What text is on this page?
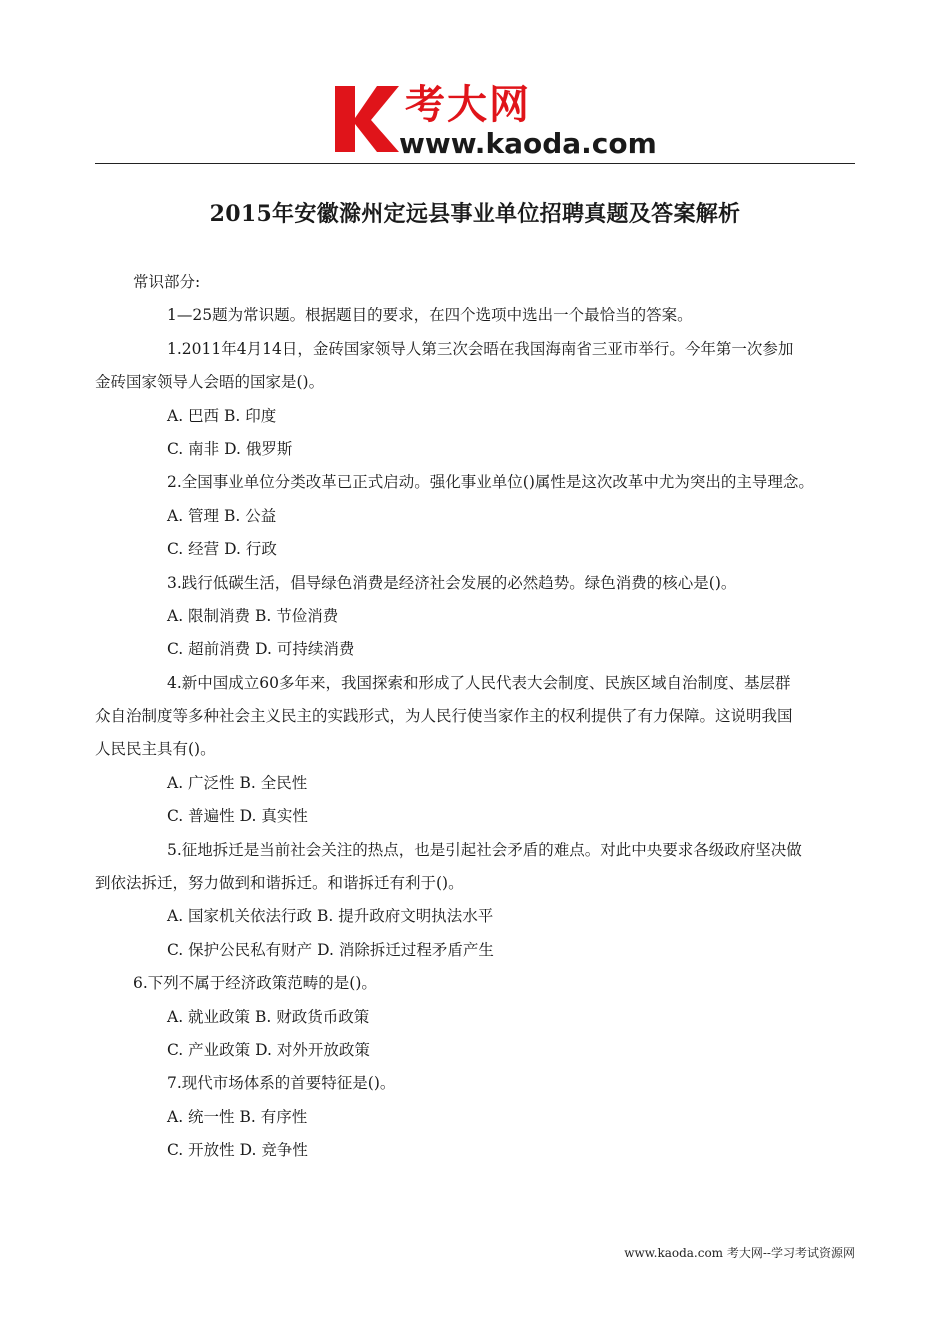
考大网
www.kaoda.com
2015年安徽滁州定远县事业单位招聘真题及答案解析
常识部分:
1—25题为常识题。根据题目的要求，在四个选项中选出一个最恰当的答案。
1.2011年4月14日，金砖国家领导人第三次会晤在我国海南省三亚市举行。今年第一次参加
金砖国家领导人会晤的国家是()。
A. 巴西 B. 印度
C. 南非 D. 俄罗斯
2.全国事业单位分类改革已正式启动。强化事业单位()属性是这次改革中尤为突出的主导理念。
A. 管理 B. 公益
C. 经营 D. 行政
3.践行低碳生活，倡导绿色消费是经济社会发展的必然趋势。绿色消费的核心是()。
A. 限制消费 B. 节俭消费
C. 超前消费 D. 可持续消费
4.新中国成立60多年来，我国探索和形成了人民代表大会制度、民族区域自治制度、基层群
众自治制度等多种社会主义民主的实践形式，为人民行使当家作主的权利提供了有力保障。这说明我国
人民民主具有()。
A. 广泛性 B. 全民性
C. 普遍性 D. 真实性
5.征地拆迁是当前社会关注的热点，也是引起社会矛盾的难点。对此中央要求各级政府坚决做
到依法拆迁，努力做到和谐拆迁。和谐拆迁有利于()。
A. 国家机关依法行政 B. 提升政府文明执法水平
C. 保护公民私有财产 D. 消除拆迁过程矛盾产生
6.下列不属于经济政策范畴的是()。
A. 就业政策 B. 财政货币政策
C. 产业政策 D. 对外开放政策
7.现代市场体系的首要特征是()。
A. 统一性 B. 有序性
C. 开放性 D. 竞争性
www.kaoda.com 考大网--学习考试资源网
